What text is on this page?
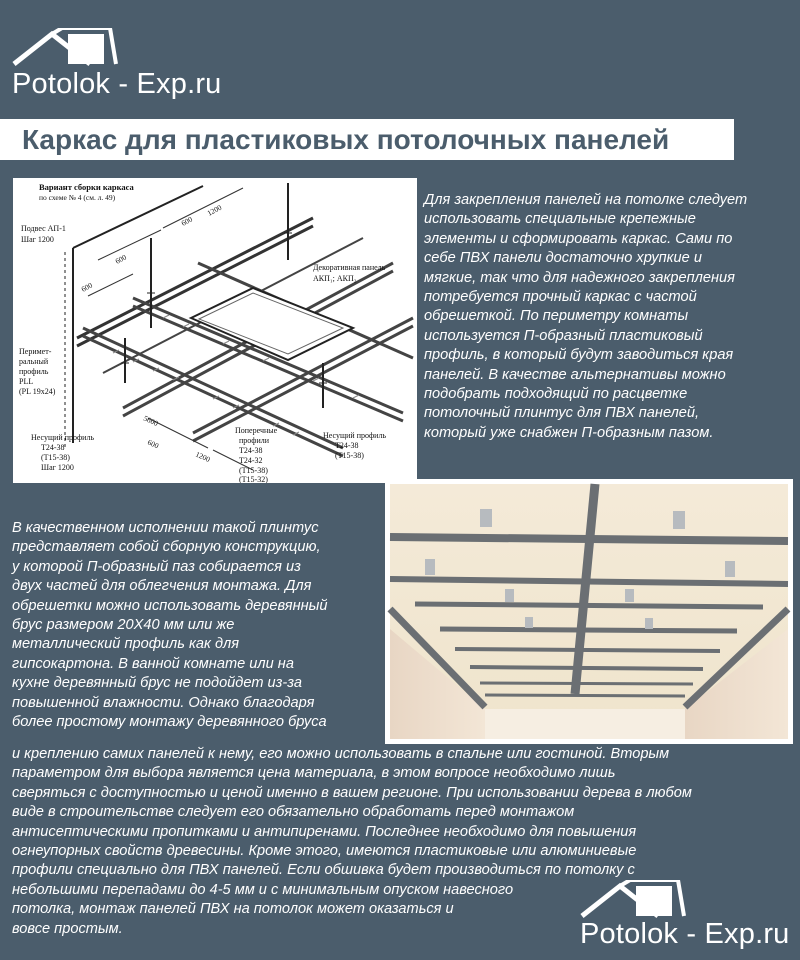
Potolok - Exp.ru
Каркас для пластиковых потолочных панелей
Вариант сборки каркаса
по схеме № 4 (см. л. 49)
Подвес АП-1
Шаг 1200
Перимет-
ральный
профиль
PLL
(PL 19x24)
Декоративная панель
АКП₁; АКП₂
Поперечные
профили
T24-38
T24-32
(T15-38)
(T15-32)
Несущий профиль
T24-38
(T15-38)
Шаг 1200
Несущий профиль
T24-38
(T15-38)
600
1200
600
600
5600
600
1200
Для закрепления панелей на потолке следует
использовать специальные крепежные
элементы и сформировать каркас. Сами по
себе ПВХ панели достаточно хрупкие и
мягкие, так что для надежного закрепления
потребуется прочный каркас с частой
обрешеткой. По периметру комнаты
используется П-образный пластиковый
профиль, в который будут заводиться края
панелей. В качестве альтернативы можно
подобрать подходящий по расцветке
потолочный плинтус для ПВХ панелей,
который уже снабжен П-образным пазом.
В качественном исполнении такой плинтус
представляет собой сборную конструкцию,
у которой П-образный паз собирается из
двух частей для облегчения монтажа. Для
обрешетки можно использовать деревянный
брус размером 20Х40 мм или же
металлический профиль как для
гипсокартона. В ванной комнате или на
кухне деревянный брус не подойдет из-за
повышенной влажности. Однако благодаря
более простому монтажу деревянного бруса
и креплению самих панелей к нему, его можно использовать в спальне или гостиной. Вторым
параметром для выбора является цена материала, в этом вопросе необходимо лишь
сверяться с доступностью и ценой именно в вашем регионе. При использовании дерева в любом
виде в строительстве следует его обязательно обработать перед монтажом
антисептическими пропитками и антипиренами. Последнее необходимо для повышения
огнеупорных свойств древесины. Кроме этого, имеются пластиковые или алюминиевые
профили специально для ПВХ панелей. Если обшивка будет производиться по потолку с
небольшими перепадами до 4-5 мм и с минимальным опуском навесного
потолка, монтаж панелей ПВХ на потолок может оказаться и
вовсе простым.	Potolok - Exp.ru
